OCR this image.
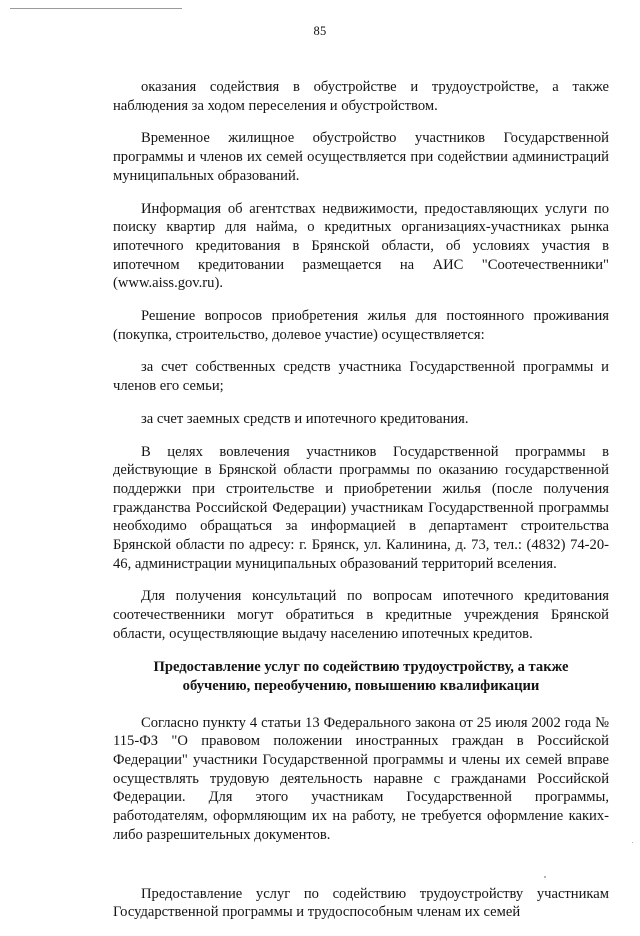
85

оказания содействия в обустройстве и трудоустройстве, а также наблюдения за ходом переселения и обустройством.

Временное жилищное обустройство участников Государственной программы и членов их семей осуществляется при содействии администраций муниципальных образований.

Информация об агентствах недвижимости, предоставляющих услуги по поиску квартир для найма, о кредитных организациях-участниках рынка ипотечного кредитования в Брянской области, об условиях участия в ипотечном кредитовании размещается на АИС "Соотечественники" (www.aiss.gov.ru).

Решение вопросов приобретения жилья для постоянного проживания (покупка, строительство, долевое участие) осуществляется:

за счет собственных средств участника Государственной программы и членов его семьи;

за счет заемных средств и ипотечного кредитования.

В целях вовлечения участников Государственной программы в действующие в Брянской области программы по оказанию государственной поддержки при строительстве и приобретении жилья (после получения гражданства Российской Федерации) участникам Государственной программы необходимо обращаться за информацией в департамент строительства Брянской области по адресу: г. Брянск, ул. Калинина, д. 73, тел.: (4832) 74-20-46, администрации муниципальных образований территорий вселения.

Для получения консультаций по вопросам ипотечного кредитования соотечественники могут обратиться в кредитные учреждения Брянской области, осуществляющие выдачу населению ипотечных кредитов.

Предоставление услуг по содействию трудоустройству, а также
обучению, переобучению, повышению квалификации

Согласно пункту 4 статьи 13 Федерального закона от 25 июля 2002 года № 115-ФЗ "О правовом положении иностранных граждан в Российской Федерации" участники Государственной программы и члены их семей вправе осуществлять трудовую деятельность наравне с гражданами Российской Федерации. Для этого участникам Государственной программы, работодателям, оформляющим их на работу, не требуется оформление каких-либо разрешительных документов.

Предоставление услуг по содействию трудоустройству участникам Государственной программы и трудоспособным членам их семей
